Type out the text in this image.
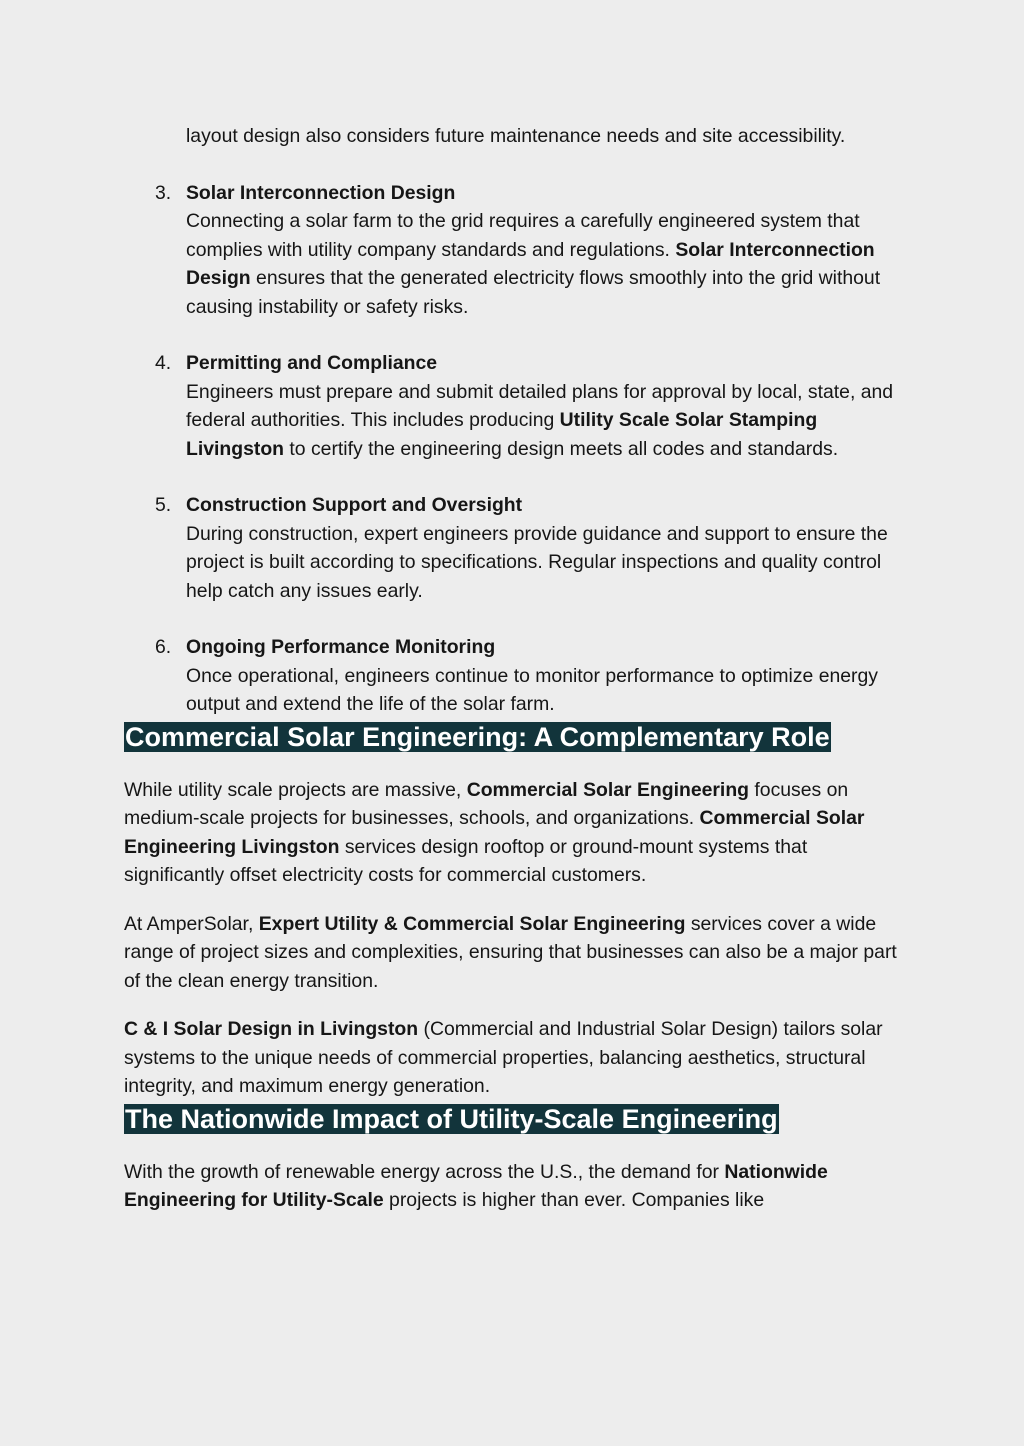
layout design also considers future maintenance needs and site accessibility.

3. Solar Interconnection Design
Connecting a solar farm to the grid requires a carefully engineered system that complies with utility company standards and regulations. Solar Interconnection Design ensures that the generated electricity flows smoothly into the grid without causing instability or safety risks.
4. Permitting and Compliance
Engineers must prepare and submit detailed plans for approval by local, state, and federal authorities. This includes producing Utility Scale Solar Stamping Livingston to certify the engineering design meets all codes and standards.
5. Construction Support and Oversight
During construction, expert engineers provide guidance and support to ensure the project is built according to specifications. Regular inspections and quality control help catch any issues early.
6. Ongoing Performance Monitoring
Once operational, engineers continue to monitor performance to optimize energy output and extend the life of the solar farm.
Commercial Solar Engineering: A Complementary Role

While utility scale projects are massive, Commercial Solar Engineering focuses on medium-scale projects for businesses, schools, and organizations. Commercial Solar Engineering Livingston services design rooftop or ground-mount systems that significantly offset electricity costs for commercial customers.

At AmperSolar, Expert Utility & Commercial Solar Engineering services cover a wide range of project sizes and complexities, ensuring that businesses can also be a major part of the clean energy transition.

C & I Solar Design in Livingston (Commercial and Industrial Solar Design) tailors solar systems to the unique needs of commercial properties, balancing aesthetics, structural integrity, and maximum energy generation.

The Nationwide Impact of Utility-Scale Engineering

With the growth of renewable energy across the U.S., the demand for Nationwide Engineering for Utility-Scale projects is higher than ever. Companies like
